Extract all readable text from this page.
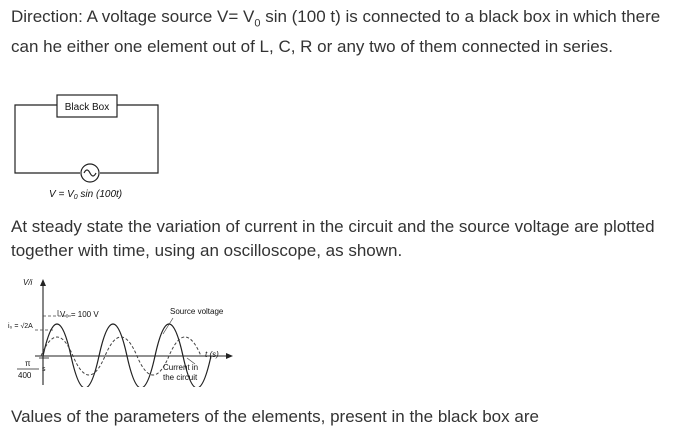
Direction: A voltage source $V= V_0$ sin (100 t) is connected to a black box in which there can he either one element out of L, C, R or any two of them connected in series.

Black Box
$V = V_0$ sin (100t)

At steady state the variation of current in the circuit and the source voltage are plotted together with time, using an oscilloscope, as shown.

V/i
t (s)
V₀ = 100 V
i₀ = √2A
Source voltage
Current in
the circuit
π
400
s

Values of the parameters of the elements, present in the black box are
